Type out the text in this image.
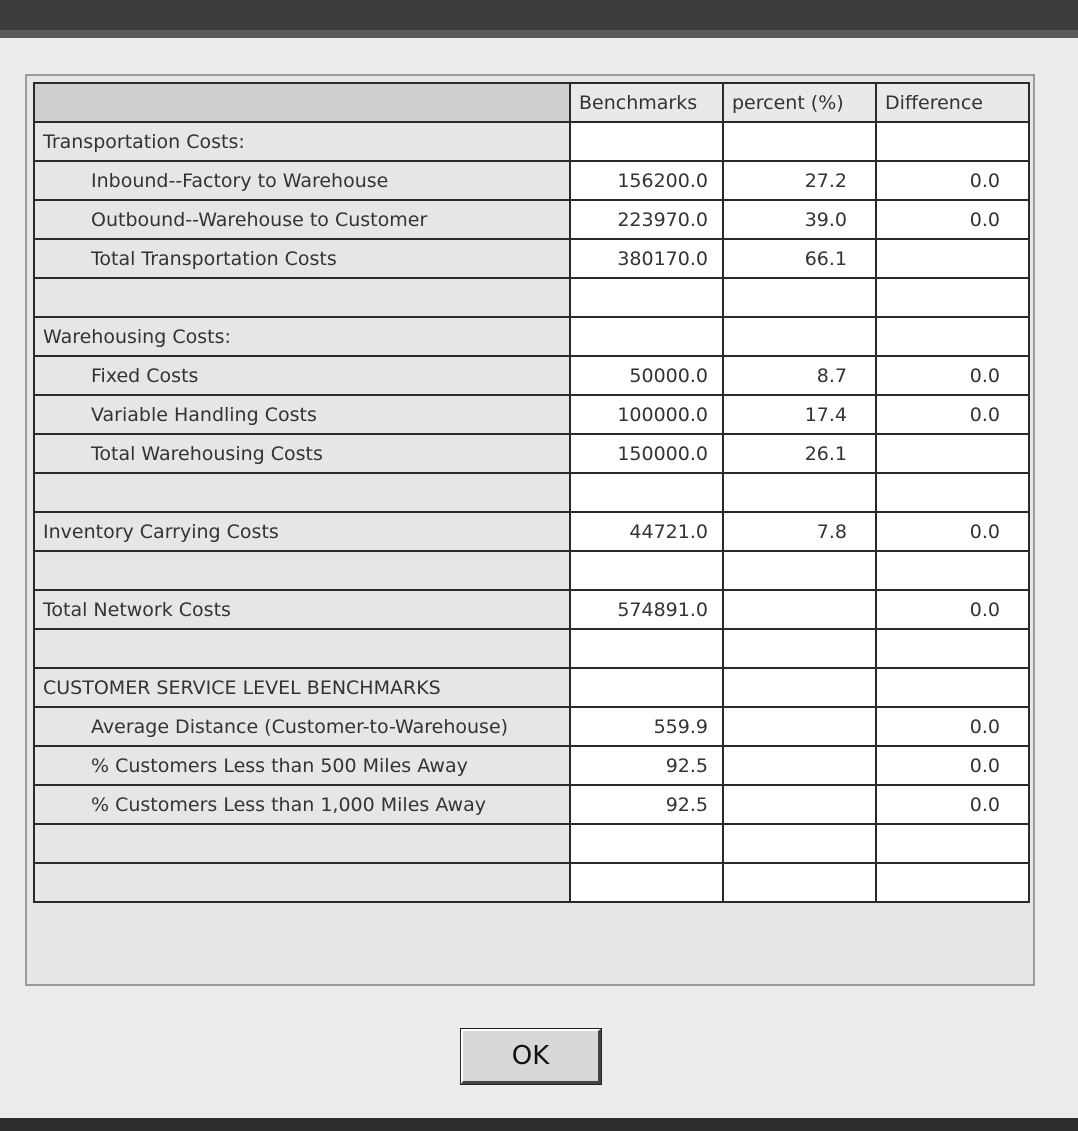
	Benchmarks	percent (%)	Difference
Transportation Costs:			
Inbound--Factory to Warehouse	156200.0	27.2	0.0
Outbound--Warehouse to Customer	223970.0	39.0	0.0
Total Transportation Costs	380170.0	66.1	

Warehousing Costs:			
Fixed Costs	50000.0	8.7	0.0
Variable Handling Costs	100000.0	17.4	0.0
Total Warehousing Costs	150000.0	26.1	

Inventory Carrying Costs	44721.0	7.8	0.0

Total Network Costs	574891.0		0.0

CUSTOMER SERVICE LEVEL BENCHMARKS			
Average Distance (Customer-to-Warehouse)	559.9		0.0
% Customers Less than 500 Miles Away	92.5		0.0
% Customers Less than 1,000 Miles Away	92.5		0.0

OK
